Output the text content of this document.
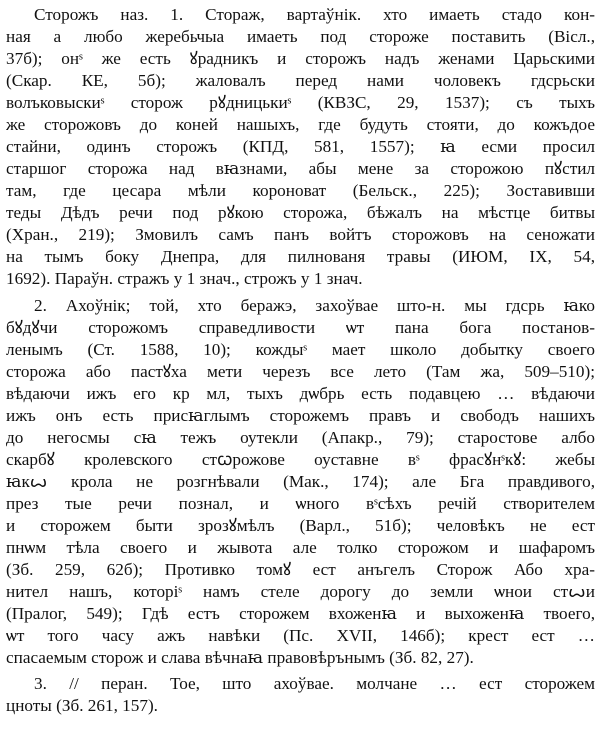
Сторожъ наз. 1. Стораж, вартаўнік. хто имаеть стадо кон-
ная а любо жеребьчыа имаеть под стороже поставить (Віcл.,
37б); онˢ же есть ꙋрадникъ и сторожъ надъ женами Царьскими
(Скар. КЕ, 5б); жаловалъ перед нами чоловекъ гдсрьски
волъковыскиˢ сторож рꙋдницькиˢ (КВЗС, 29, 1537); съ тыхъ
же сторожовъ до коней нашыхъ, где будуть стояти, до кожъдое
стайни, одинъ сторожъ (КПД, 581, 1557); ꙗ есми просил
старшог сторожа над вꙗзнами, абы мене за сторожою пꙋстил
там, где цесара мѣли короноват (Бельск., 225); Зоставивши
теды Дѣдъ речи под рꙋкою сторожа, бѣжалъ на мѣстце битвы
(Хран., 219); Змовилъ самъ панъ войтъ сторожовъ на сеножати
на тымъ боку Днепра, для пилнованя травы (ИЮМ, IX, 54,
1692). Параўн. стражъ у 1 знач., строжъ у 1 знач.
2. Ахоўнік; той, хто беражэ, захоўвае што-н. мы гдсрь ꙗко
бꙋдꙋчи сторожомъ справедливости ѡт пана бога постанов-
ленымъ (Ст. 1588, 10); кождыˢ мает школо добытку своего
сторожа або пастꙋха мети черезъ все лето (Там жа, 509–510);
вѣдаючи ижъ его кр мл, тыхъ дѡбрь есть подавцею … вѣдаючи
ижъ онъ есть присꙗглымъ сторожемъ правъ и свободъ нашихъ
до негосмы сꙗ тежъ оутекли (Апакр., 79); старостове албо
скарбꙋ кролевского стꙍрожове оуставне вˢ фрасꙋнˢкꙋ: жебы
ꙗкꙍ крола не розгнѣвали (Мак., 174); але Бга правдивого,
през тые речи познал, и ѡного вˢсѣхъ речій створителем
и сторожем быти зрозꙋмѣлъ (Варл., 51б); человѣкъ не ест
пнѡм тѣла своего и жывота але толко сторожом и шафаромъ
(Зб. 259, 62б); Противко томꙋ ест анъгелъ Сторож Або хра-
нител нашъ, которіˢ намъ стеле дорогу до земли ѡнои стꙍи
(Пралог, 549); Гдѣ естъ сторожем вхоженꙗ и выхоженꙗ твоего,
ѡт того часу ажъ навѣки (Пс. XVII, 146б); крест ест …
спасаемым сторож и слава вѣчнаꙗ правовѣрънымъ (Зб. 82, 27).
3. // перан. Тое, што ахоўвае. молчане … ест сторожем
цноты (Зб. 261, 157).
